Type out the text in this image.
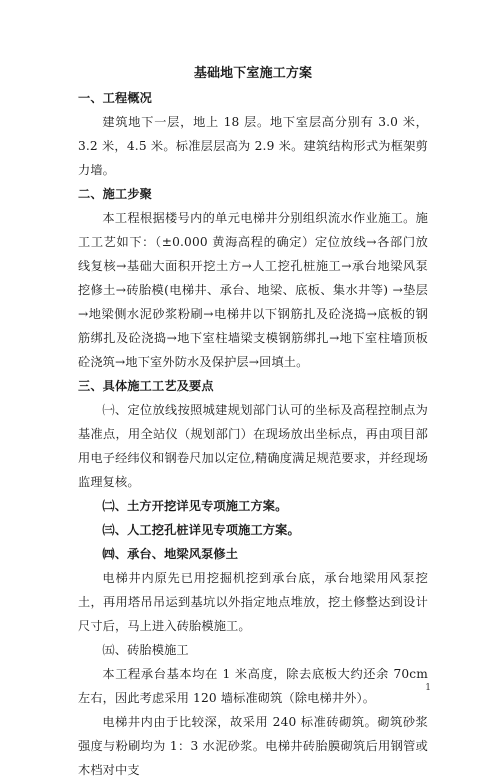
基础地下室施工方案
一、工程概况

建筑地下一层，地上 18 层。地下室层高分别有 3.0 米，3.2 米，4.5 米。标准层层高为 2.9 米。建筑结构形式为框架剪力墙。

二、施工步聚

本工程根据楼号内的单元电梯井分别组织流水作业施工。施工工艺如下：（±0.000 黄海高程的确定）定位放线→各部门放线复核→基础大面积开挖土方→人工挖孔桩施工→承台地梁风泵挖修土→砖胎模(电梯井、承台、地梁、底板、集水井等) →垫层→地梁侧水泥砂浆粉刷→电梯井以下钢筋扎及砼浇捣→底板的钢筋绑扎及砼浇捣→地下室柱墙梁支模钢筋绑扎→地下室柱墙顶板砼浇筑→地下室外防水及保护层→回填土。

三、具体施工工艺及要点

㈠、定位放线按照城建规划部门认可的坐标及高程控制点为基准点，用全站仪（规划部门）在现场放出坐标点，再由项目部用电子经纬仪和钢卷尺加以定位,精确度满足规范要求，并经现场监理复核。

㈡、土方开挖详见专项施工方案。

㈢、人工挖孔桩详见专项施工方案。

㈣、承台、地梁风泵修土

电梯井内原先已用挖掘机挖到承台底，承台地梁用风泵挖土，再用塔吊吊运到基坑以外指定地点堆放，挖土修整达到设计尺寸后，马上进入砖胎模施工。

㈤、砖胎模施工

本工程承台基本均在 1 米高度，除去底板大约还余 70cm左右，因此考虑采用 120 墙标准砌筑（除电梯井外）。

电梯井内由于比较深，故采用 240 标准砖砌筑。砌筑砂浆强度与粉刷均为 1：3 水泥砂浆。电梯井砖胎膜砌筑后用钢管或木档对中支

1
